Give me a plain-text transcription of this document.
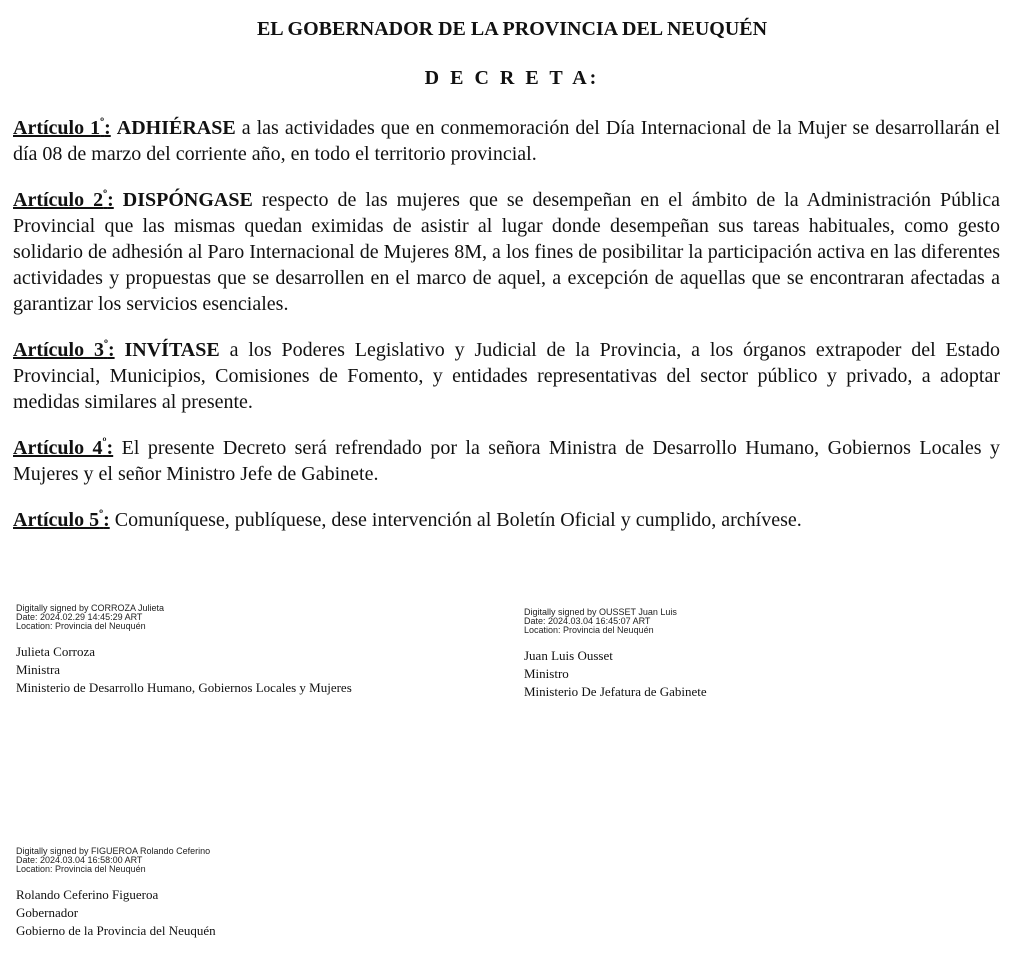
EL GOBERNADOR DE LA PROVINCIA DEL NEUQUÉN
D E C R E T A:

Artículo $1^º$: ADHIÉRASE a las actividades que en conmemoración del Día Internacional de la Mujer se desarrollarán el día 08 de marzo del corriente año, en todo el territorio provincial.

Artículo $2^º$: DISPÓNGASE respecto de las mujeres que se desempeñan en el ámbito de la Administración Pública Provincial que las mismas quedan eximidas de asistir al lugar donde desempeñan sus tareas habituales, como gesto solidario de adhesión al Paro Internacional de Mujeres 8M, a los fines de posibilitar la participación activa en las diferentes actividades y propuestas que se desarrollen en el marco de aquel, a excepción de aquellas que se encontraran afectadas a garantizar los servicios esenciales.

Artículo $3^º$: INVÍTASE a los Poderes Legislativo y Judicial de la Provincia, a los órganos extrapoder del Estado Provincial, Municipios, Comisiones de Fomento, y entidades representativas del sector público y privado, a adoptar medidas similares al presente.

Artículo $4^º$: El presente Decreto será refrendado por la señora Ministra de Desarrollo Humano, Gobiernos Locales y Mujeres y el señor Ministro Jefe de Gabinete.

Artículo $5^º$: Comuníquese, publíquese, dese intervención al Boletín Oficial y cumplido, archívese.

Digitally signed by CORROZA Julieta
Date: 2024.02.29 14:45:29 ART
Location: Provincia del Neuquén
Julieta Corroza
Ministra
Ministerio de Desarrollo Humano, Gobiernos Locales y Mujeres
Digitally signed by OUSSET Juan Luis
Date: 2024.03.04 16:45:07 ART
Location: Provincia del Neuquén
Juan Luis Ousset
Ministro
Ministerio De Jefatura de Gabinete
Digitally signed by FIGUEROA Rolando Ceferino
Date: 2024.03.04 16:58:00 ART
Location: Provincia del Neuquén
Rolando Ceferino Figueroa
Gobernador
Gobierno de la Provincia del Neuquén
